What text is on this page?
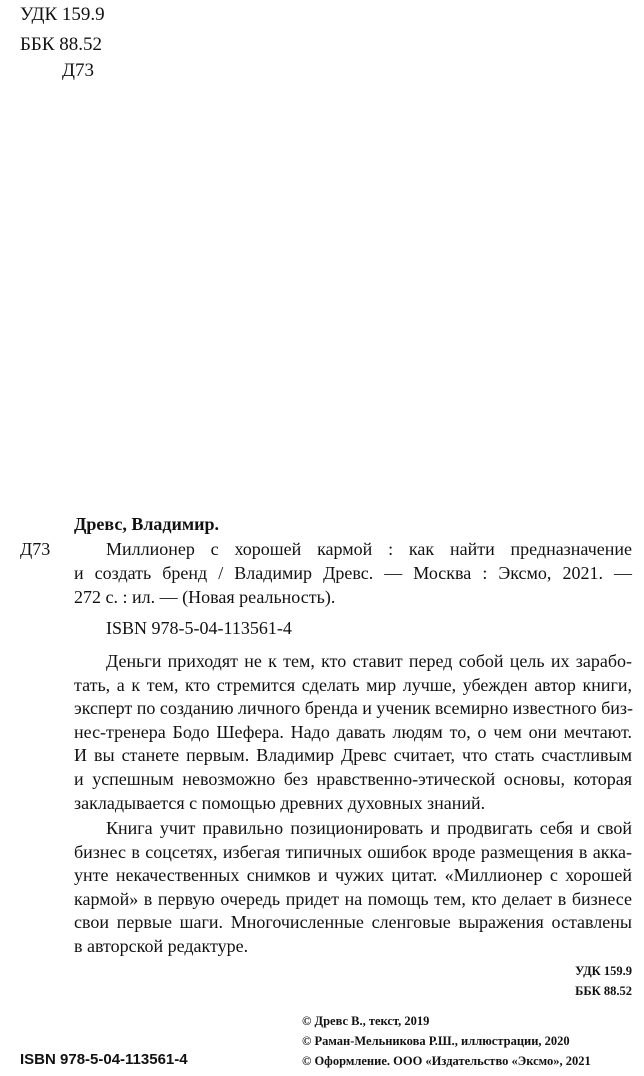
УДК 159.9
ББК 88.52
Д73
Древс, Владимир.
Д73	Миллионер с хорошей кармой : как найти предназначение
и создать бренд / Владимир Древс. — Москва : Эксмо, 2021. —
272 с. : ил. — (Новая реальность).
ISBN 978-5-04-113561-4
Деньги приходят не к тем, кто ставит перед собой цель их зарабо-
тать, а к тем, кто стремится сделать мир лучше, убежден автор книги,
эксперт по созданию личного бренда и ученик всемирно известного биз-
нес-тренера Бодо Шефера. Надо давать людям то, о чем они мечтают.
И вы станете первым. Владимир Древс считает, что стать счастливым
и успешным невозможно без нравственно-этической основы, которая
закладывается с помощью древних духовных знаний.
Книга учит правильно позиционировать и продвигать себя и свой
бизнес в соцсетях, избегая типичных ошибок вроде размещения в акка-
унте некачественных снимков и чужих цитат. «Миллионер с хорошей
кармой» в первую очередь придет на помощь тем, кто делает в бизнесе
свои первые шаги. Многочисленные сленговые выражения оставлены
в авторской редактуре.
УДК 159.9
ББК 88.52
© Древс В., текст, 2019
© Раман-Мельникова Р.Ш., иллюстрации, 2020
© Оформление. ООО «Издательство «Эксмо», 2021
ISBN 978-5-04-113561-4
